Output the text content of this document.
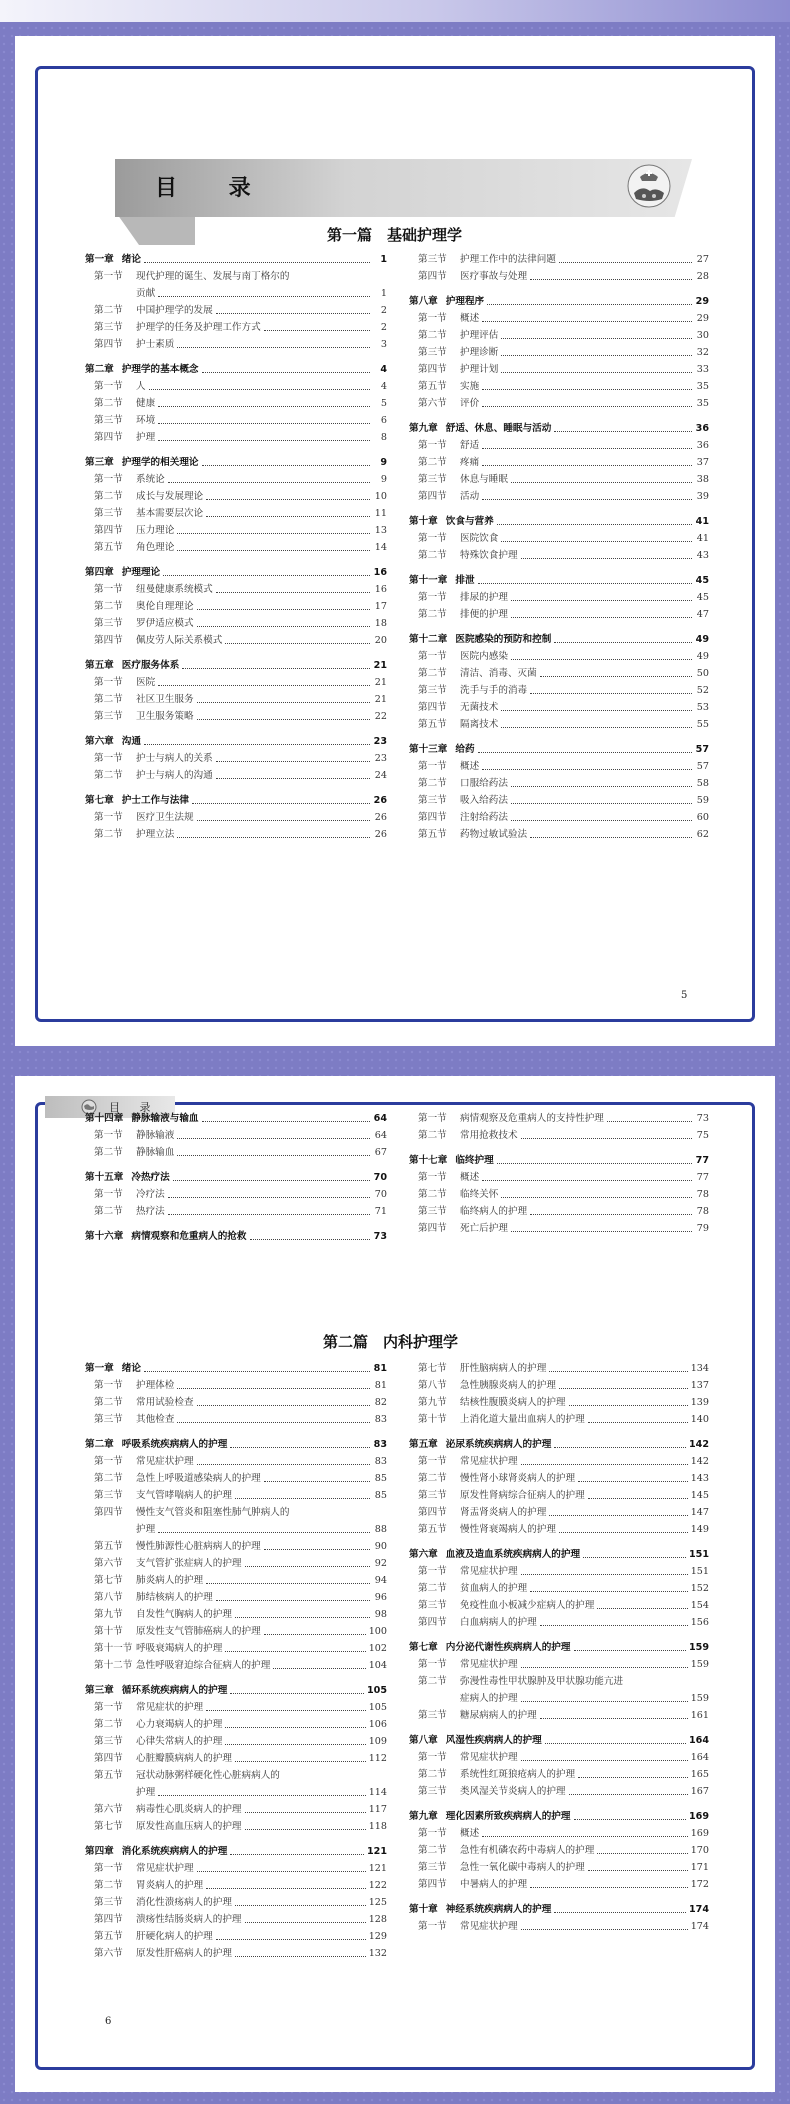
目 录
第一篇　基础护理学
第一章 绪论	1
第一节	现代护理的诞生、发展与南丁格尔的
贡献	1
第二节	中国护理学的发展	2
第三节	护理学的任务及护理工作方式	2
第四节	护士素质	3
第二章 护理学的基本概念	4
第一节	人	4
第二节	健康	5
第三节	环境	6
第四节	护理	8
第三章 护理学的相关理论	9
第一节	系统论	9
第二节	成长与发展理论	10
第三节	基本需要层次论	11
第四节	压力理论	13
第五节	角色理论	14
第四章 护理理论	16
第一节	纽曼健康系统模式	16
第二节	奥伦自理理论	17
第三节	罗伊适应模式	18
第四节	佩皮劳人际关系模式	20
第五章 医疗服务体系	21
第一节	医院	21
第二节	社区卫生服务	21
第三节	卫生服务策略	22
第六章 沟通	23
第一节	护士与病人的关系	23
第二节	护士与病人的沟通	24
第七章 护士工作与法律	26
第一节	医疗卫生法规	26
第二节	护理立法	26
第三节	护理工作中的法律问题	27
第四节	医疗事故与处理	28
第八章 护理程序	29
第一节	概述	29
第二节	护理评估	30
第三节	护理诊断	32
第四节	护理计划	33
第五节	实施	35
第六节	评价	35
第九章 舒适、休息、睡眠与活动	36
第一节	舒适	36
第二节	疼痛	37
第三节	休息与睡眠	38
第四节	活动	39
第十章 饮食与营养	41
第一节	医院饮食	41
第二节	特殊饮食护理	43
第十一章 排泄	45
第一节	排尿的护理	45
第二节	排便的护理	47
第十二章 医院感染的预防和控制	49
第一节	医院内感染	49
第二节	清洁、消毒、灭菌	50
第三节	洗手与手的消毒	52
第四节	无菌技术	53
第五节	隔离技术	55
第十三章 给药	57
第一节	概述	57
第二节	口服给药法	58
第三节	吸入给药法	59
第四节	注射给药法	60
第五节	药物过敏试验法	62
5
目 录
第十四章 静脉输液与输血	64
第一节	静脉输液	64
第二节	静脉输血	67
第十五章 冷热疗法	70
第一节	冷疗法	70
第二节	热疗法	71
第十六章 病情观察和危重病人的抢救	73
第一节	病情观察及危重病人的支持性护理	73
第二节	常用抢救技术	75
第十七章 临终护理	77
第一节	概述	77
第二节	临终关怀	78
第三节	临终病人的护理	78
第四节	死亡后护理	79
第二篇　内科护理学
第一章 绪论	81
第一节	护理体检	81
第二节	常用试验检查	82
第三节	其他检查	83
第二章 呼吸系统疾病病人的护理	83
第一节	常见症状护理	83
第二节	急性上呼吸道感染病人的护理	85
第三节	支气管哮喘病人的护理	85
第四节	慢性支气管炎和阻塞性肺气肿病人的
护理	88
第五节	慢性肺源性心脏病病人的护理	90
第六节	支气管扩张症病人的护理	92
第七节	肺炎病人的护理	94
第八节	肺结核病人的护理	96
第九节	自发性气胸病人的护理	98
第十节	原发性支气管肺癌病人的护理	100
第十一节 呼吸衰竭病人的护理	102
第十二节 急性呼吸窘迫综合征病人的护理	104
第三章 循环系统疾病病人的护理	105
第一节	常见症状的护理	105
第二节	心力衰竭病人的护理	106
第三节	心律失常病人的护理	109
第四节	心脏瓣膜病病人的护理	112
第五节	冠状动脉粥样硬化性心脏病病人的
护理	114
第六节	病毒性心肌炎病人的护理	117
第七节	原发性高血压病人的护理	118
第四章 消化系统疾病病人的护理	121
第一节	常见症状护理	121
第二节	胃炎病人的护理	122
第三节	消化性溃疡病人的护理	125
第四节	溃疡性结肠炎病人的护理	128
第五节	肝硬化病人的护理	129
第六节	原发性肝癌病人的护理	132
第七节	肝性脑病病人的护理	134
第八节	急性胰腺炎病人的护理	137
第九节	结核性腹膜炎病人的护理	139
第十节	上消化道大量出血病人的护理	140
第五章 泌尿系统疾病病人的护理	142
第一节	常见症状护理	142
第二节	慢性肾小球肾炎病人的护理	143
第三节	原发性肾病综合征病人的护理	145
第四节	肾盂肾炎病人的护理	147
第五节	慢性肾衰竭病人的护理	149
第六章 血液及造血系统疾病病人的护理	151
第一节	常见症状护理	151
第二节	贫血病人的护理	152
第三节	免疫性血小板减少症病人的护理	154
第四节	白血病病人的护理	156
第七章 内分泌代谢性疾病病人的护理	159
第一节	常见症状护理	159
第二节	弥漫性毒性甲状腺肿及甲状腺功能亢进
症病人的护理	159
第三节	糖尿病病人的护理	161
第八章 风湿性疾病病人的护理	164
第一节	常见症状护理	164
第二节	系统性红斑狼疮病人的护理	165
第三节	类风湿关节炎病人的护理	167
第九章 理化因素所致疾病病人的护理	169
第一节	概述	169
第二节	急性有机磷农药中毒病人的护理	170
第三节	急性一氧化碳中毒病人的护理	171
第四节	中暑病人的护理	172
第十章 神经系统疾病病人的护理	174
第一节	常见症状护理	174
6
